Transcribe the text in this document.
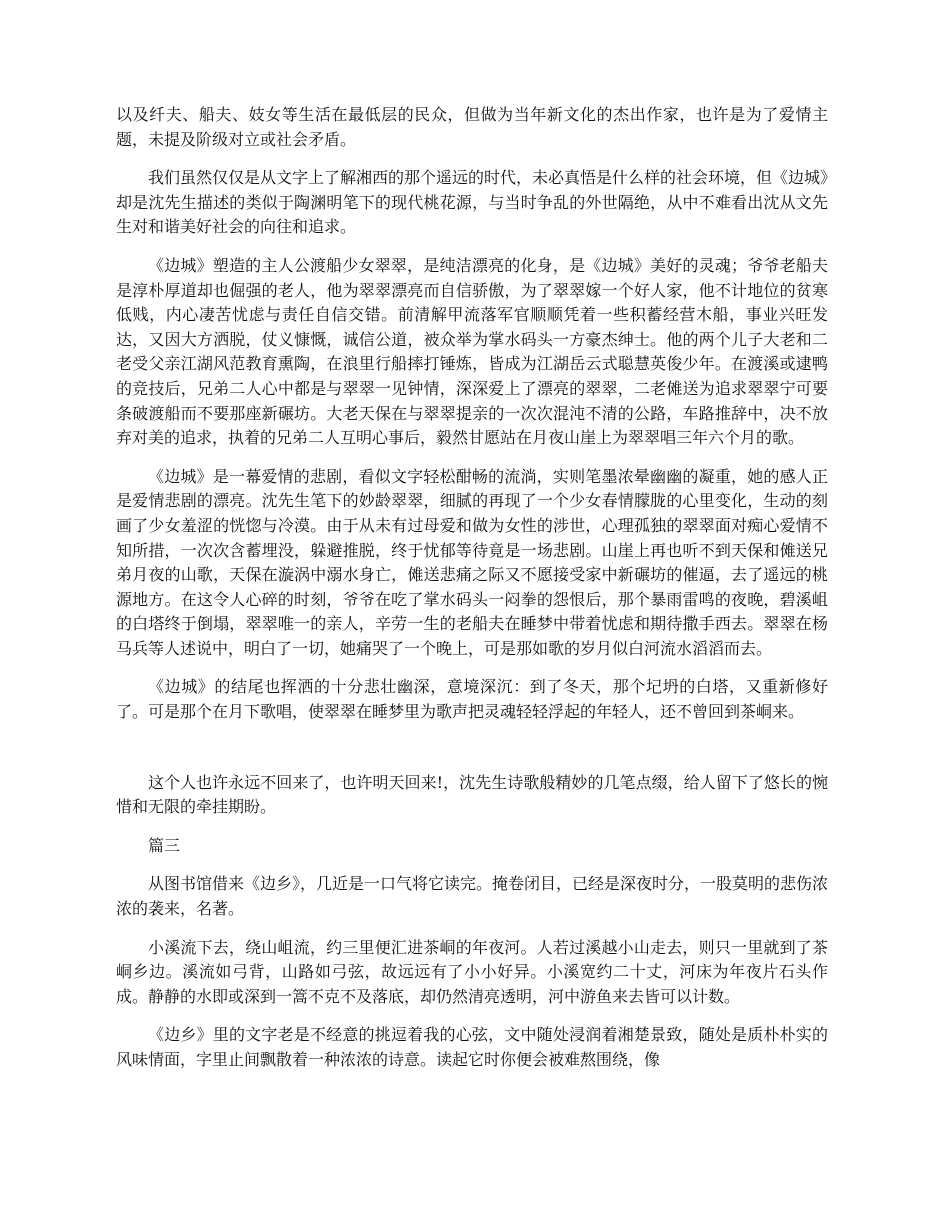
以及纤夫、船夫、妓女等生活在最低层的民众，但做为当年新文化的杰出作家，也许是为了爱情主题，未提及阶级对立或社会矛盾。

我们虽然仅仅是从文字上了解湘西的那个遥远的时代，未必真悟是什么样的社会环境，但《边城》却是沈先生描述的类似于陶渊明笔下的现代桃花源，与当时争乱的外世隔绝，从中不难看出沈从文先生对和谐美好社会的向往和追求。

《边城》塑造的主人公渡船少女翠翠，是纯洁漂亮的化身，是《边城》美好的灵魂；爷爷老船夫是淳朴厚道却也倔强的老人，他为翠翠漂亮而自信骄傲，为了翠翠嫁一个好人家，他不计地位的贫寒低贱，内心凄苦忧虑与责任自信交错。前清解甲流落军官顺顺凭着一些积蓄经营木船，事业兴旺发达，又因大方洒脱，仗义慷慨，诚信公道，被众举为掌水码头一方豪杰绅士。他的两个儿子大老和二老受父亲江湖风范教育熏陶，在浪里行船摔打锤炼，皆成为江湖岳云式聪慧英俊少年。在渡溪或逮鸭的竞技后，兄弟二人心中都是与翠翠一见钟情，深深爱上了漂亮的翠翠，二老傩送为追求翠翠宁可要条破渡船而不要那座新碾坊。大老天保在与翠翠提亲的一次次混沌不清的公路，车路推辞中，决不放弃对美的追求，执着的兄弟二人互明心事后，毅然甘愿站在月夜山崖上为翠翠唱三年六个月的歌。

《边城》是一幕爱情的悲剧，看似文字轻松酣畅的流淌，实则笔墨浓晕幽幽的凝重，她的感人正是爱情悲剧的漂亮。沈先生笔下的妙龄翠翠，细腻的再现了一个少女春情朦胧的心里变化，生动的刻画了少女羞涩的恍惚与冷漠。由于从未有过母爱和做为女性的涉世，心理孤独的翠翠面对痴心爱情不知所措，一次次含蓄埋没，躲避推脱，终于忧郁等待竟是一场悲剧。山崖上再也听不到天保和傩送兄弟月夜的山歌，天保在漩涡中溺水身亡，傩送悲痛之际又不愿接受家中新碾坊的催逼，去了遥远的桃源地方。在这令人心碎的时刻，爷爷在吃了掌水码头一闷拳的怨恨后，那个暴雨雷鸣的夜晚，碧溪岨的白塔终于倒塌，翠翠唯一的亲人，辛劳一生的老船夫在睡梦中带着忧虑和期待撒手西去。翠翠在杨马兵等人述说中，明白了一切，她痛哭了一个晚上，可是那如歌的岁月似白河流水滔滔而去。

《边城》的结尾也挥洒的十分悲壮幽深，意境深沉：到了冬天，那个圮坍的白塔，又重新修好了。可是那个在月下歌唱，使翠翠在睡梦里为歌声把灵魂轻轻浮起的年轻人，还不曾回到茶峒来。

这个人也许永远不回来了，也许明天回来!，沈先生诗歌般精妙的几笔点缀，给人留下了悠长的惋惜和无限的牵挂期盼。

篇三

从图书馆借来《边乡》，几近是一口气将它读完。掩卷闭目，已经是深夜时分，一股莫明的悲伤浓浓的袭来，名著。

小溪流下去，绕山岨流，约三里便汇进茶峒的年夜河。人若过溪越小山走去，则只一里就到了茶峒乡边。溪流如弓背，山路如弓弦，故远远有了小小好异。小溪宽约二十丈，河床为年夜片石头作成。静静的水即或深到一篙不克不及落底，却仍然清亮透明，河中游鱼来去皆可以计数。

《边乡》里的文字老是不经意的挑逗着我的心弦，文中随处浸润着湘楚景致，随处是质朴朴实的风味情面，字里止间飘散着一种浓浓的诗意。读起它时你便会被难熬围绕，像
